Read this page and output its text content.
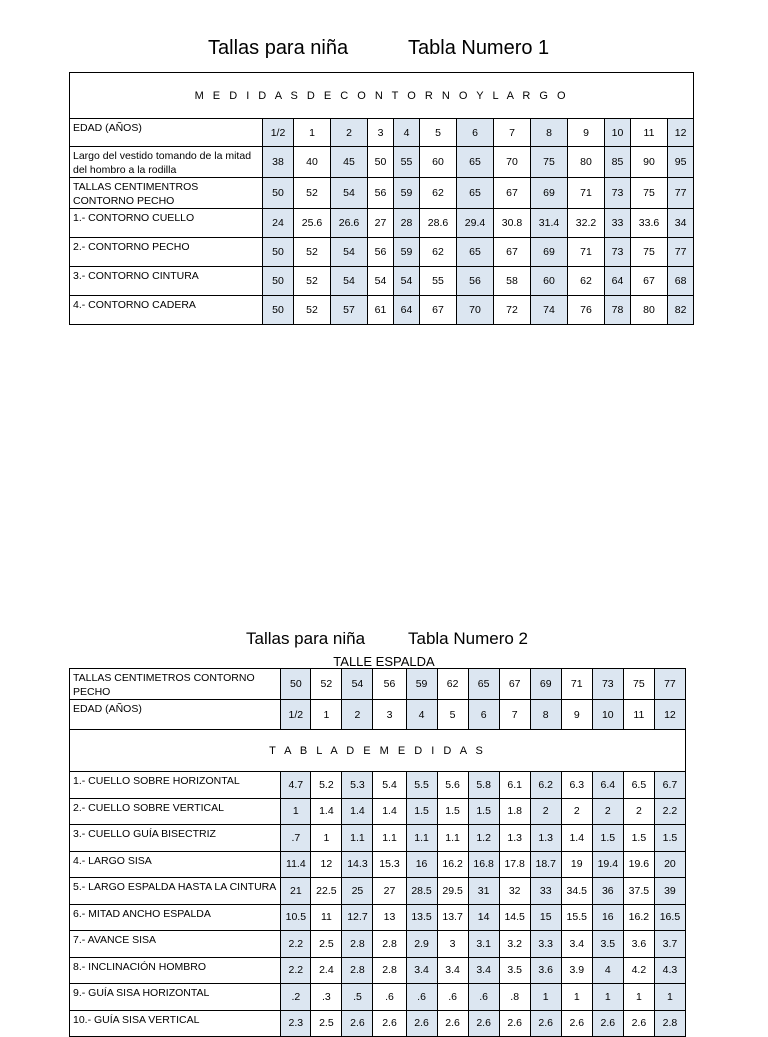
Tallas para niña	Tabla Numero 1
M E D I D A S D E C O N T O R N O Y L A R G O													
EDAD (AÑOS)	1/2	1	2	3	4	5	6	7	8	9	10	11	12
Largo del vestido tomando de la mitad del hombro a la rodilla	38	40	45	50	55	60	65	70	75	80	85	90	95
TALLAS CENTIMENTROS CONTORNO PECHO	50	52	54	56	59	62	65	67	69	71	73	75	77
1.- CONTORNO CUELLO	24	25.6	26.6	27	28	28.6	29.4	30.8	31.4	32.2	33	33.6	34
2.- CONTORNO PECHO	50	52	54	56	59	62	65	67	69	71	73	75	77
3.- CONTORNO CINTURA	50	52	54	54	54	55	56	58	60	62	64	67	68
4.- CONTORNO CADERA	50	52	57	61	64	67	70	72	74	76	78	80	82
Tallas para niña	Tabla Numero 2
TALLE ESPALDA
TALLAS CENTIMETROS CONTORNO PECHO	50	52	54	56	59	62	65	67	69	71	73	75	77
EDAD (AÑOS)	1/2	1	2	3	4	5	6	7	8	9	10	11	12
T A B L A D E M E D I D A S													
1.- CUELLO SOBRE HORIZONTAL	4.7	5.2	5.3	5.4	5.5	5.6	5.8	6.1	6.2	6.3	6.4	6.5	6.7
2.- CUELLO SOBRE VERTICAL	1	1.4	1.4	1.4	1.5	1.5	1.5	1.8	2	2	2	2	2.2
3.- CUELLO GUÍA BISECTRIZ	.7	1	1.1	1.1	1.1	1.1	1.2	1.3	1.3	1.4	1.5	1.5	1.5
4.- LARGO SISA	11.4	12	14.3	15.3	16	16.2	16.8	17.8	18.7	19	19.4	19.6	20
5.- LARGO ESPALDA HASTA LA CINTURA	21	22.5	25	27	28.5	29.5	31	32	33	34.5	36	37.5	39
6.- MITAD ANCHO ESPALDA	10.5	11	12.7	13	13.5	13.7	14	14.5	15	15.5	16	16.2	16.5
7.- AVANCE SISA	2.2	2.5	2.8	2.8	2.9	3	3.1	3.2	3.3	3.4	3.5	3.6	3.7
8.- INCLINACIÓN HOMBRO	2.2	2.4	2.8	2.8	3.4	3.4	3.4	3.5	3.6	3.9	4	4.2	4.3
9.- GUÍA SISA HORIZONTAL	.2	.3	.5	.6	.6	.6	.6	.8	1	1	1	1	1
10.- GUÍA SISA VERTICAL	2.3	2.5	2.6	2.6	2.6	2.6	2.6	2.6	2.6	2.6	2.6	2.6	2.8
